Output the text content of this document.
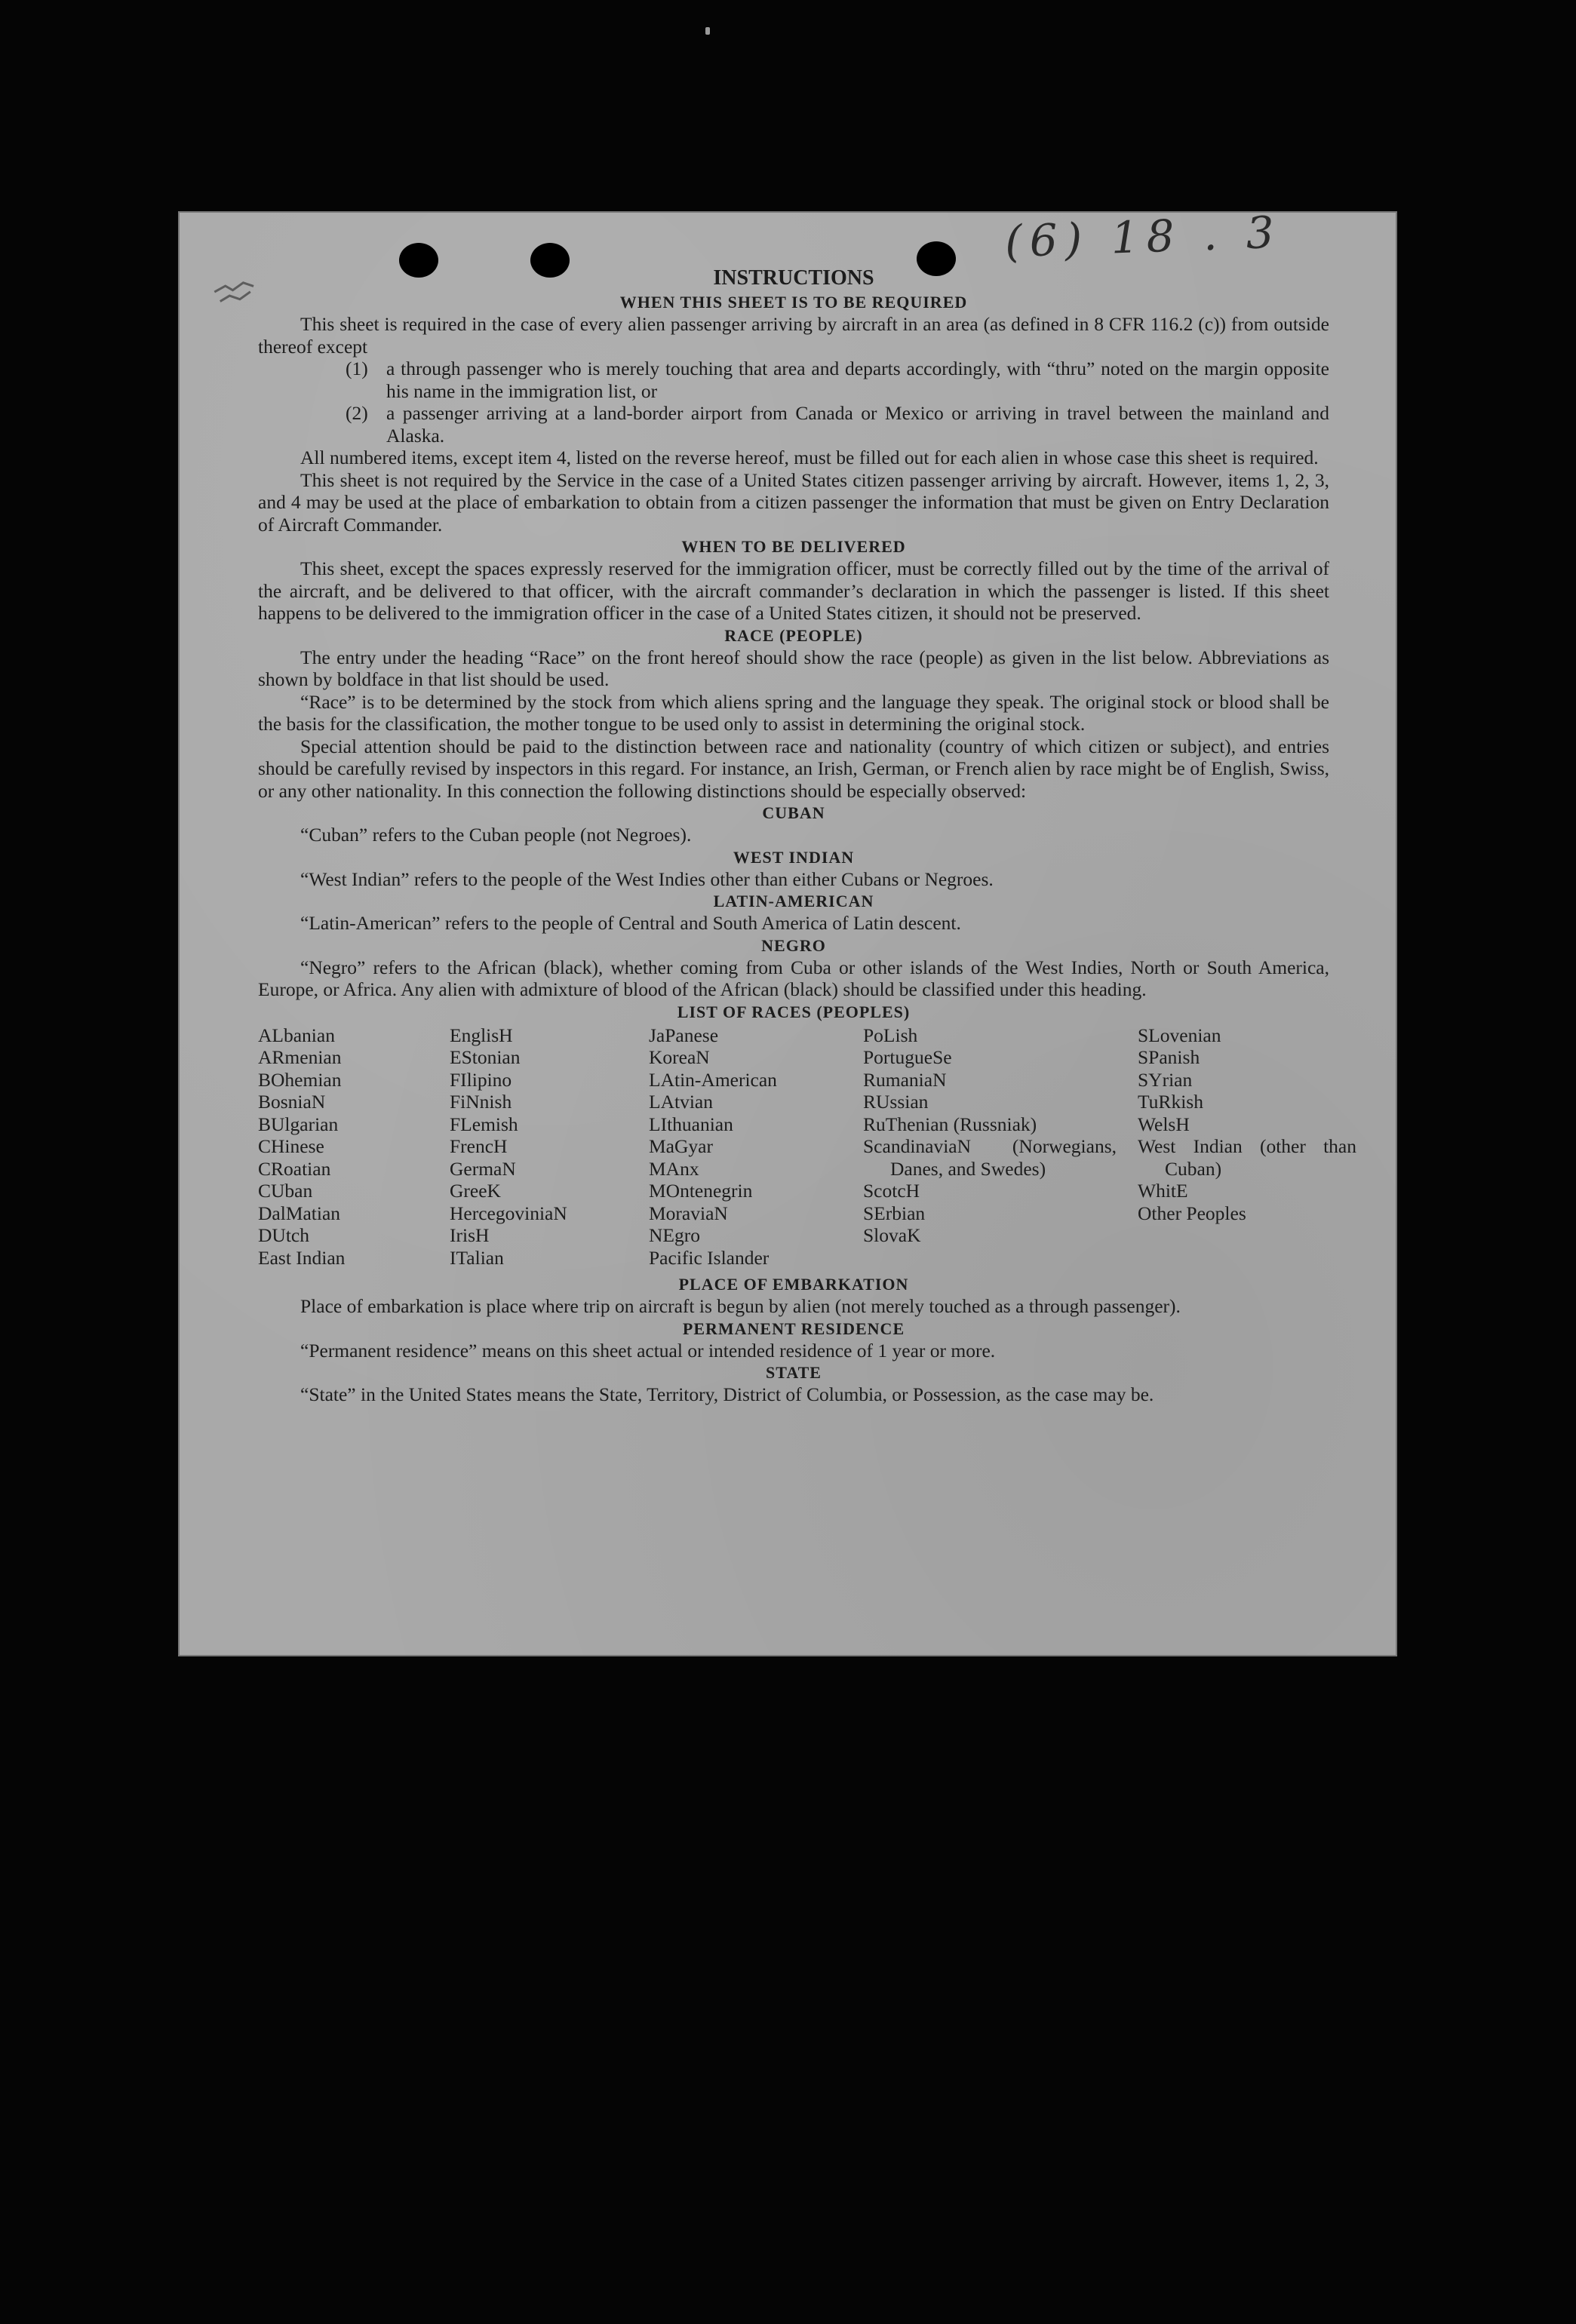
(6) 18 . 3
INSTRUCTIONS
WHEN THIS SHEET IS TO BE REQUIRED

This sheet is required in the case of every alien passenger arriving by aircraft in an area (as defined in 8 CFR 116.2 (c)) from outside thereof except

(1) a through passenger who is merely touching that area and departs accordingly, with “thru” noted on the margin opposite his name in the immigration list, or
(2) a passenger arriving at a land-border airport from Canada or Mexico or arriving in travel between the mainland and Alaska.

All numbered items, except item 4, listed on the reverse hereof, must be filled out for each alien in whose case this sheet is required.

This sheet is not required by the Service in the case of a United States citizen passenger arriving by aircraft. However, items 1, 2, 3, and 4 may be used at the place of embarkation to obtain from a citizen passenger the information that must be given on Entry Declaration of Aircraft Commander.

WHEN TO BE DELIVERED

This sheet, except the spaces expressly reserved for the immigration officer, must be correctly filled out by the time of the arrival of the aircraft, and be delivered to that officer, with the aircraft commander’s declaration in which the passenger is listed. If this sheet happens to be delivered to the immigration officer in the case of a United States citizen, it should not be preserved.

RACE (PEOPLE)

The entry under the heading “Race” on the front hereof should show the race (people) as given in the list below. Abbreviations as shown by boldface in that list should be used.

“Race” is to be determined by the stock from which aliens spring and the language they speak. The original stock or blood shall be the basis for the classification, the mother tongue to be used only to assist in determining the original stock.

Special attention should be paid to the distinction between race and nationality (country of which citizen or subject), and entries should be carefully revised by inspectors in this regard. For instance, an Irish, German, or French alien by race might be of English, Swiss, or any other nationality. In this connection the following distinctions should be especially observed:

CUBAN

“Cuban” refers to the Cuban people (not Negroes).

WEST INDIAN

“West Indian” refers to the people of the West Indies other than either Cubans or Negroes.

LATIN-AMERICAN

“Latin-American” refers to the people of Central and South America of Latin descent.

NEGRO

“Negro” refers to the African (black), whether coming from Cuba or other islands of the West Indies, North or South America, Europe, or Africa. Any alien with admixture of blood of the African (black) should be classified under this heading.

LIST OF RACES (PEOPLES)
ALbanian
ARmenian
BOhemian
BosniaN
BUlgarian
CHinese
CRoatian
CUban
DalMatian
DUtch
East Indian
EnglisH
EStonian
FIlipino
FiNnish
FLemish
FrencH
GermaN
GreeK
HercegoviniaN
IrisH
ITalian
JaPanese
KoreaN
LAtin-American
LAtvian
LIthuanian
MaGyar
MAnx
MOntenegrin
MoraviaN
NEgro
Pacific Islander
PoLish
PortugueSe
RumaniaN
RUssian
RuThenian (Russniak)
ScandinaviaN (Norwegians, Danes, and Swedes)
ScotcH
SErbian
SlovaK
SLovenian
SPanish
SYrian
TuRkish
WelsH
West Indian (other than Cuban)
WhitE
Other Peoples
PLACE OF EMBARKATION

Place of embarkation is place where trip on aircraft is begun by alien (not merely touched as a through passenger).

PERMANENT RESIDENCE

“Permanent residence” means on this sheet actual or intended residence of 1 year or more.

STATE

“State” in the United States means the State, Territory, District of Columbia, or Possession, as the case may be.
